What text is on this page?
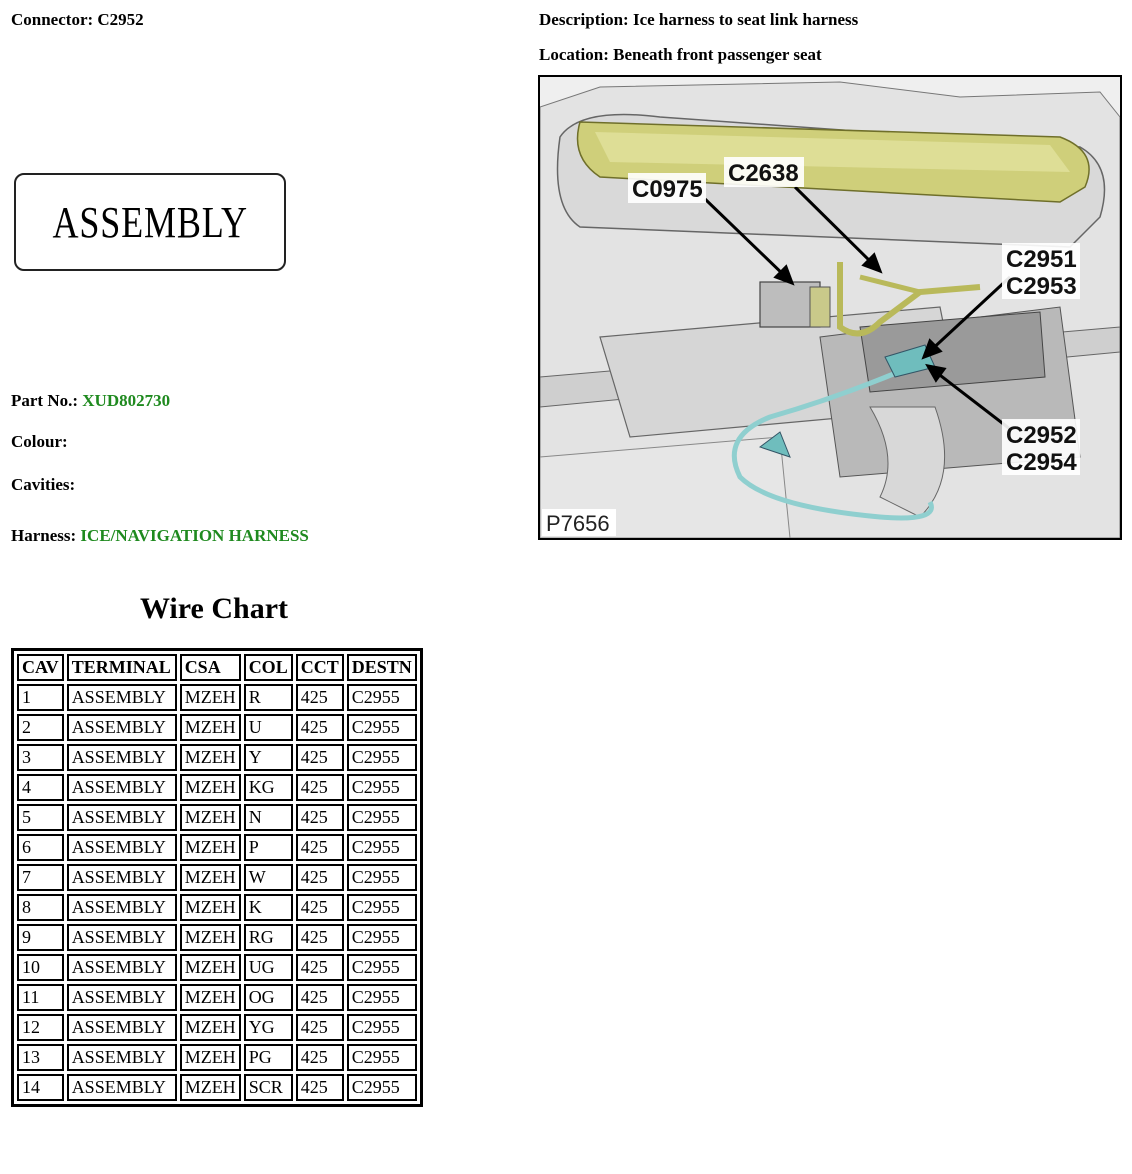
Connector: C2952	Description: Ice harness to seat link harness
Location: Beneath front passenger seat
ASSEMBLY
Part No.: XUD802730
Colour:
Cavities:
Harness: ICE/NAVIGATION HARNESS
Wire Chart
CAV	TERMINAL	CSA	COL	CCT	DESTN
1	ASSEMBLY	MZEH	R	425	C2955
2	ASSEMBLY	MZEH	U	425	C2955
3	ASSEMBLY	MZEH	Y	425	C2955
4	ASSEMBLY	MZEH	KG	425	C2955
5	ASSEMBLY	MZEH	N	425	C2955
6	ASSEMBLY	MZEH	P	425	C2955
7	ASSEMBLY	MZEH	W	425	C2955
8	ASSEMBLY	MZEH	K	425	C2955
9	ASSEMBLY	MZEH	RG	425	C2955
10	ASSEMBLY	MZEH	UG	425	C2955
11	ASSEMBLY	MZEH	OG	425	C2955
12	ASSEMBLY	MZEH	YG	425	C2955
13	ASSEMBLY	MZEH	PG	425	C2955
14	ASSEMBLY	MZEH	SCR	425	C2955
C0975
C2638
C2951
C2953
C2952
C2954
P7656
